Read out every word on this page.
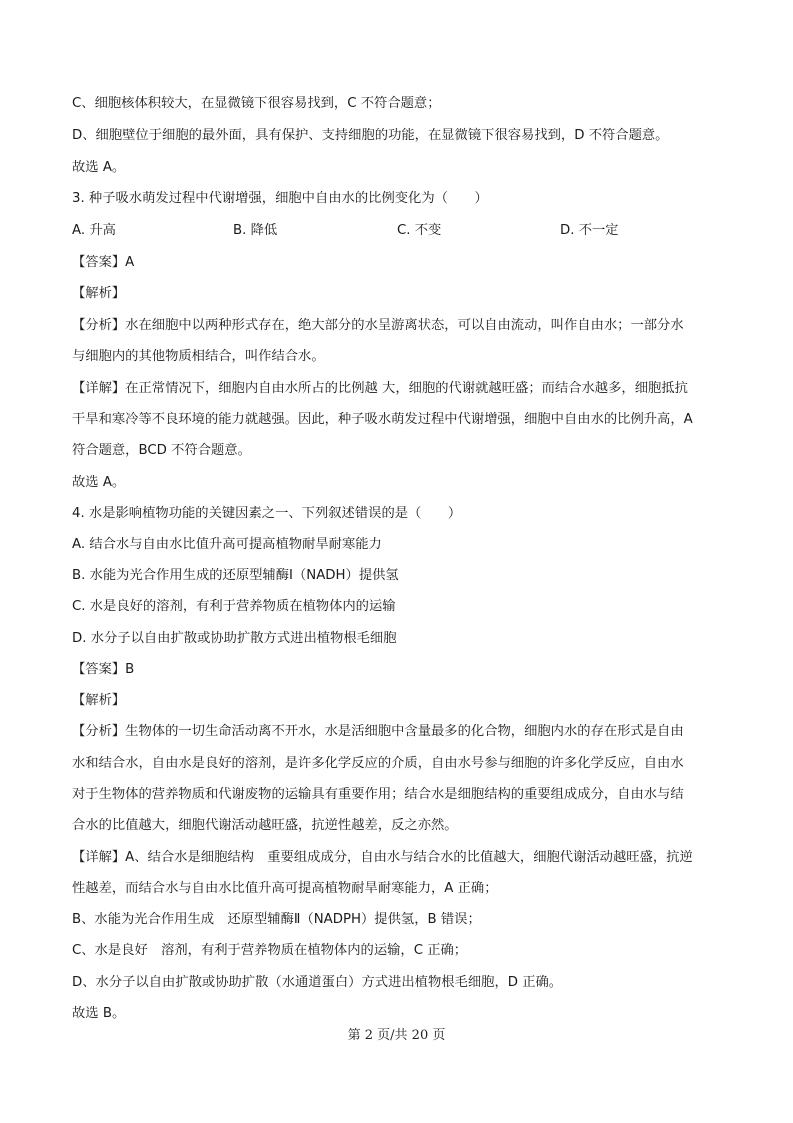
C、细胞核体积较大，在显微镜下很容易找到，C 不符合题意；
D、细胞壁位于细胞的最外面，具有保护、支持细胞的功能，在显微镜下很容易找到，D 不符合题意。
故选 A。
3. 种子吸水萌发过程中代谢增强，细胞中自由水的比例变化为（　　）
A. 升高	B. 降低	C. 不变	D. 不一定
【答案】A
【解析】
【分析】水在细胞中以两种形式存在，绝大部分的水呈游离状态，可以自由流动，叫作自由水；一部分水
与细胞内的其他物质相结合，叫作结合水。
【详解】在正常情况下，细胞内自由水所占的比例越 大，细胞的代谢就越旺盛；而结合水越多，细胞抵抗
干旱和寒冷等不良环境的能力就越强。因此，种子吸水萌发过程中代谢增强，细胞中自由水的比例升高，A
符合题意，BCD 不符合题意。
故选 A。
4. 水是影响植物功能的关键因素之一、下列叙述错误的是（　　）
A. 结合水与自由水比值升高可提高植物耐旱耐寒能力
B. 水能为光合作用生成的还原型辅酶Ⅰ（NADH）提供氢
C. 水是良好的溶剂，有利于营养物质在植物体内的运输
D. 水分子以自由扩散或协助扩散方式进出植物根毛细胞
【答案】B
【解析】
【分析】生物体的一切生命活动离不开水，水是活细胞中含量最多的化合物，细胞内水的存在形式是自由
水和结合水，自由水是良好的溶剂，是许多化学反应的介质，自由水号参与细胞的许多化学反应，自由水
对于生物体的营养物质和代谢废物的运输具有重要作用；结合水是细胞结构的重要组成成分，自由水与结
合水的比值越大，细胞代谢活动越旺盛，抗逆性越差，反之亦然。
【详解】A、结合水是细胞结构　重要组成成分，自由水与结合水的比值越大，细胞代谢活动越旺盛，抗逆
性越差，而结合水与自由水比值升高可提高植物耐旱耐寒能力，A 正确；
B、水能为光合作用生成　还原型辅酶Ⅱ（NADPH）提供氢，B 错误；
C、水是良好　溶剂，有利于营养物质在植物体内的运输，C 正确；
D、水分子以自由扩散或协助扩散（水通道蛋白）方式进出植物根毛细胞，D 正确。
故选 B。
第 2 页/共 20 页
